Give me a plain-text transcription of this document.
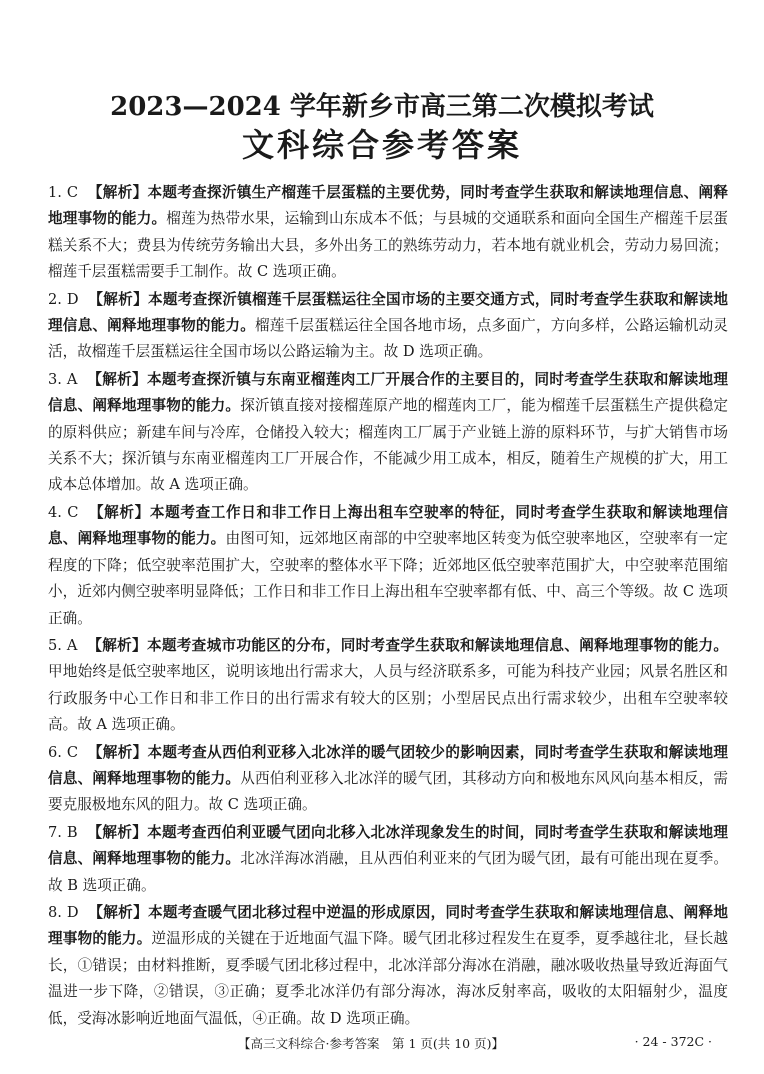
2023—2024 学年新乡市高三第二次模拟考试
文科综合参考答案

1. C 【解析】本题考查探沂镇生产榴莲千层蛋糕的主要优势，同时考查学生获取和解读地理信息、阐释地理事物的能力。榴莲为热带水果，运输到山东成本不低；与县城的交通联系和面向全国生产榴莲千层蛋糕关系不大；费县为传统劳务输出大县，多外出务工的熟练劳动力，若本地有就业机会，劳动力易回流；榴莲千层蛋糕需要手工制作。故 C 选项正确。

2. D 【解析】本题考查探沂镇榴莲千层蛋糕运往全国市场的主要交通方式，同时考查学生获取和解读地理信息、阐释地理事物的能力。榴莲千层蛋糕运往全国各地市场，点多面广，方向多样，公路运输机动灵活，故榴莲千层蛋糕运往全国市场以公路运输为主。故 D 选项正确。

3. A 【解析】本题考查探沂镇与东南亚榴莲肉工厂开展合作的主要目的，同时考查学生获取和解读地理信息、阐释地理事物的能力。探沂镇直接对接榴莲原产地的榴莲肉工厂，能为榴莲千层蛋糕生产提供稳定的原料供应；新建车间与冷库，仓储投入较大；榴莲肉工厂属于产业链上游的原料环节，与扩大销售市场关系不大；探沂镇与东南亚榴莲肉工厂开展合作，不能减少用工成本，相反，随着生产规模的扩大，用工成本总体增加。故 A 选项正确。

4. C 【解析】本题考查工作日和非工作日上海出租车空驶率的特征，同时考查学生获取和解读地理信息、阐释地理事物的能力。由图可知，远郊地区南部的中空驶率地区转变为低空驶率地区，空驶率有一定程度的下降；低空驶率范围扩大，空驶率的整体水平下降；近郊地区低空驶率范围扩大，中空驶率范围缩小，近郊内侧空驶率明显降低；工作日和非工作日上海出租车空驶率都有低、中、高三个等级。故 C 选项正确。

5. A 【解析】本题考查城市功能区的分布，同时考查学生获取和解读地理信息、阐释地理事物的能力。甲地始终是低空驶率地区，说明该地出行需求大，人员与经济联系多，可能为科技产业园；风景名胜区和行政服务中心工作日和非工作日的出行需求有较大的区别；小型居民点出行需求较少，出租车空驶率较高。故 A 选项正确。

6. C 【解析】本题考查从西伯利亚移入北冰洋的暖气团较少的影响因素，同时考查学生获取和解读地理信息、阐释地理事物的能力。从西伯利亚移入北冰洋的暖气团，其移动方向和极地东风风向基本相反，需要克服极地东风的阻力。故 C 选项正确。

7. B 【解析】本题考查西伯利亚暖气团向北移入北冰洋现象发生的时间，同时考查学生获取和解读地理信息、阐释地理事物的能力。北冰洋海冰消融，且从西伯利亚来的气团为暖气团，最有可能出现在夏季。故 B 选项正确。

8. D 【解析】本题考查暖气团北移过程中逆温的形成原因，同时考查学生获取和解读地理信息、阐释地理事物的能力。逆温形成的关键在于近地面气温下降。暖气团北移过程发生在夏季，夏季越往北，昼长越长，①错误；由材料推断，夏季暖气团北移过程中，北冰洋部分海冰在消融，融冰吸收热量导致近海面气温进一步下降，②错误，③正确；夏季北冰洋仍有部分海冰，海冰反射率高，吸收的太阳辐射少，温度低，受海冰影响近地面气温低，④正确。故 D 选项正确。

【高三文科综合·参考答案　第 1 页(共 10 页)】	· 24 - 372C ·
